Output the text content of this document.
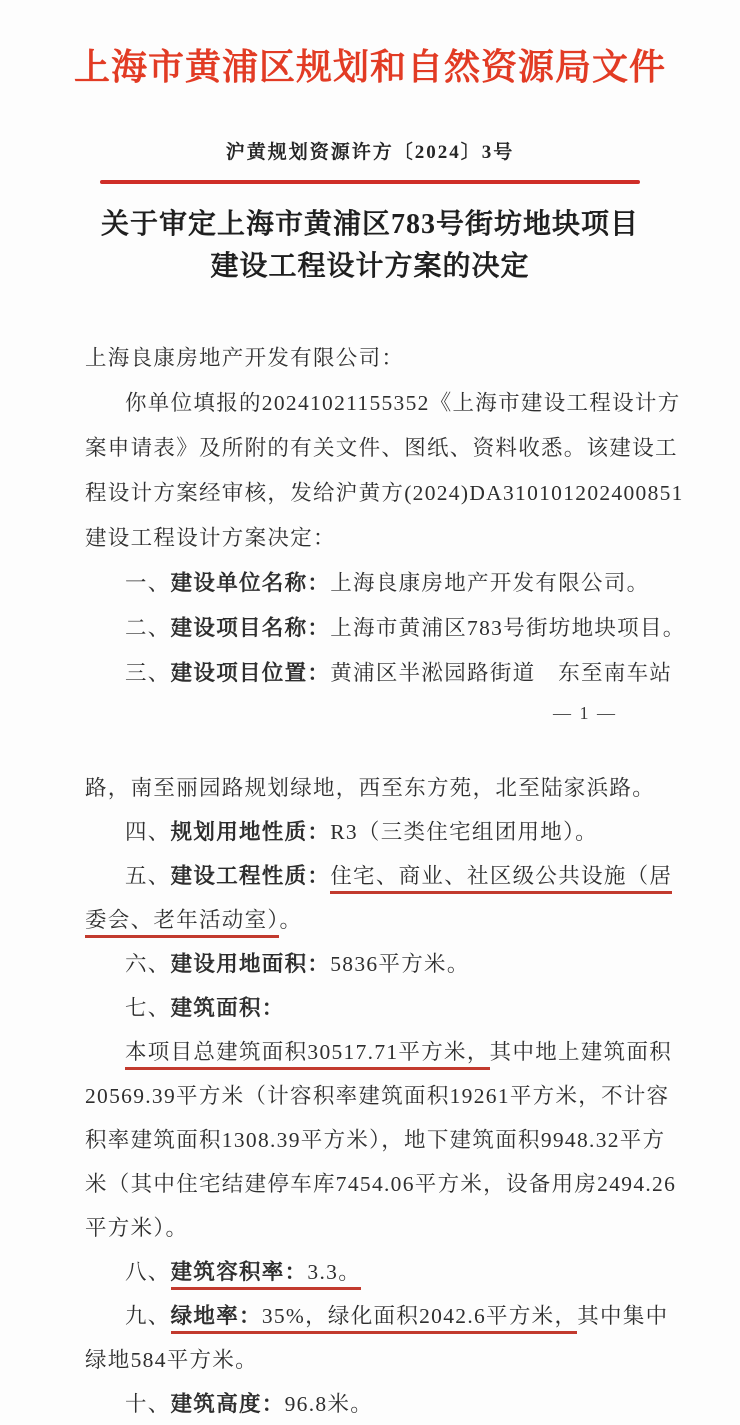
上海市黄浦区规划和自然资源局文件
沪黄规划资源许方〔2024〕3号
关于审定上海市黄浦区783号街坊地块项目
建设工程设计方案的决定
上海良康房地产开发有限公司：
你单位填报的20241021155352《上海市建设工程设计方
案申请表》及所附的有关文件、图纸、资料收悉。该建设工
程设计方案经审核，发给沪黄方(2024)DA310101202400851
建设工程设计方案决定：
一、建设单位名称：上海良康房地产开发有限公司。
二、建设项目名称：上海市黄浦区783号街坊地块项目。
三、建设项目位置：黄浦区半淞园路街道　东至南车站
— 1 —
路，南至丽园路规划绿地，西至东方苑，北至陆家浜路。
四、规划用地性质：R3（三类住宅组团用地）。
五、建设工程性质：住宅、商业、社区级公共设施（居
委会、老年活动室）。
六、建设用地面积：5836平方米。
七、建筑面积：
本项目总建筑面积30517.71平方米，其中地上建筑面积
20569.39平方米（计容积率建筑面积19261平方米，不计容
积率建筑面积1308.39平方米），地下建筑面积9948.32平方
米（其中住宅结建停车库7454.06平方米，设备用房2494.26
平方米）。
八、建筑容积率：3.3。
九、绿地率：35%，绿化面积2042.6平方米，其中集中
绿地584平方米。
十、建筑高度：96.8米。
